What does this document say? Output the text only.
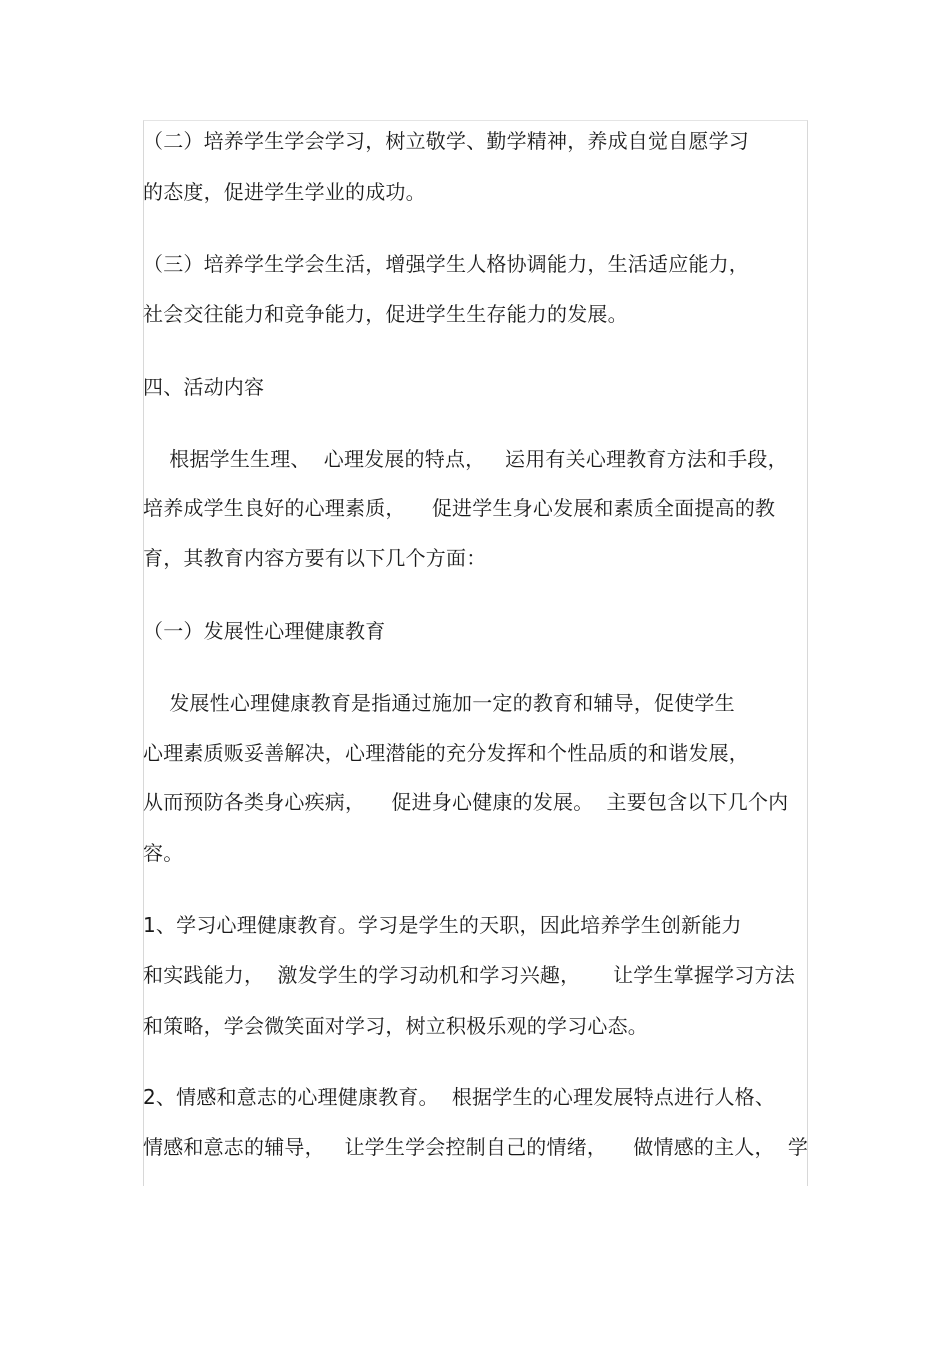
（二）培养学生学会学习，树立敬学、勤学精神，养成自觉自愿学习
的态度，促进学生学业的成功。
（三）培养学生学会生活，增强学生人格协调能力，生活适应能力，
社会交往能力和竞争能力，促进学生生存能力的发展。
四、活动内容
根据学生生理、  心理发展的特点，   运用有关心理教育方法和手段，
培养成学生良好的心理素质，    促进学生身心发展和素质全面提高的教
育，其教育内容方要有以下几个方面：
（一）发展性心理健康教育
发展性心理健康教育是指通过施加一定的教育和辅导，促使学生
心理素质贩妥善解决，心理潜能的充分发挥和个性品质的和谐发展，
从而预防各类身心疾病，    促进身心健康的发展。  主要包含以下几个内
容。
1、学习心理健康教育。学习是学生的天职，因此培养学生创新能力
和实践能力，  激发学生的学习动机和学习兴趣，     让学生掌握学习方法
和策略，学会微笑面对学习，树立积极乐观的学习心态。
2、情感和意志的心理健康教育。  根据学生的心理发展特点进行人格、
情感和意志的辅导，   让学生学会控制自己的情绪，    做情感的主人，  学
